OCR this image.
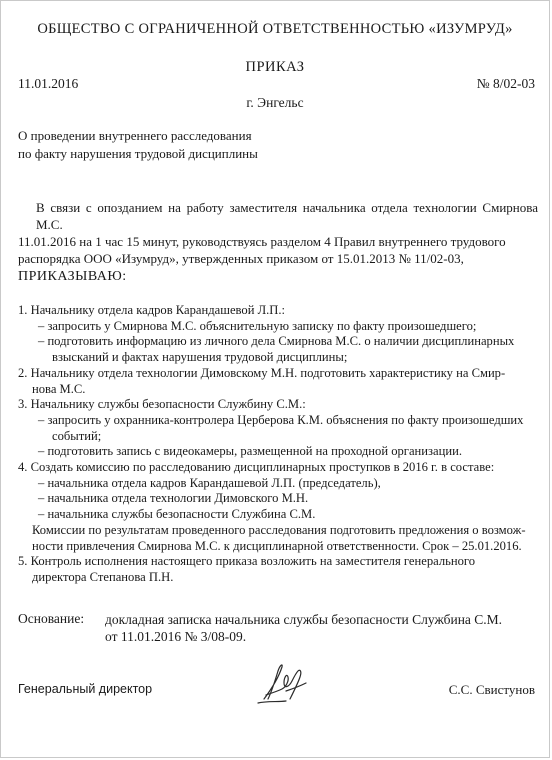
ОБЩЕСТВО С ОГРАНИЧЕННОЙ ОТВЕТСТВЕННОСТЬЮ «ИЗУМРУД»
ПРИКАЗ
11.01.2016	№ 8/02-03
г. Энгельс
О проведении внутреннего расследования
по факту нарушения трудовой дисциплины
В связи с опозданием на работу заместителя начальника отдела технологии Смирнова М.С.
11.01.2016 на 1 час 15 минут, руководствуясь разделом 4 Правил внутреннего трудового
распорядка ООО «Изумруд», утвержденных приказом от 15.01.2013 № 11/02-03,
ПРИКАЗЫВАЮ:
1. Начальнику отдела кадров Карандашевой Л.П.:
– запросить у Смирнова М.С. объяснительную записку по факту произошедшего;
– подготовить информацию из личного дела Смирнова М.С. о наличии дисциплинарных
взысканий и фактах нарушения трудовой дисциплины;
2. Начальнику отдела технологии Димовскому М.Н. подготовить характеристику на Смир-
нова М.С.
3. Начальнику службы безопасности Службину С.М.:
– запросить у охранника-контролера Церберова К.М. объяснения по факту произошедших
событий;
– подготовить запись с видеокамеры, размещенной на проходной организации.
4. Создать комиссию по расследованию дисциплинарных проступков в 2016 г. в составе:
– начальника отдела кадров Карандашевой Л.П. (председатель),
– начальника отдела технологии Димовского М.Н.
– начальника службы безопасности Службина С.М.
Комиссии по результатам проведенного расследования подготовить предложения о возмож-
ности привлечения Смирнова М.С. к дисциплинарной ответственности. Срок – 25.01.2016.
5. Контроль исполнения настоящего приказа возложить на заместителя генерального
директора Степанова П.Н.
Основание: докладная записка начальника службы безопасности Службина С.М.
от 11.01.2016 № 3/08-09.
Генеральный директор	С.С. Свистунов
